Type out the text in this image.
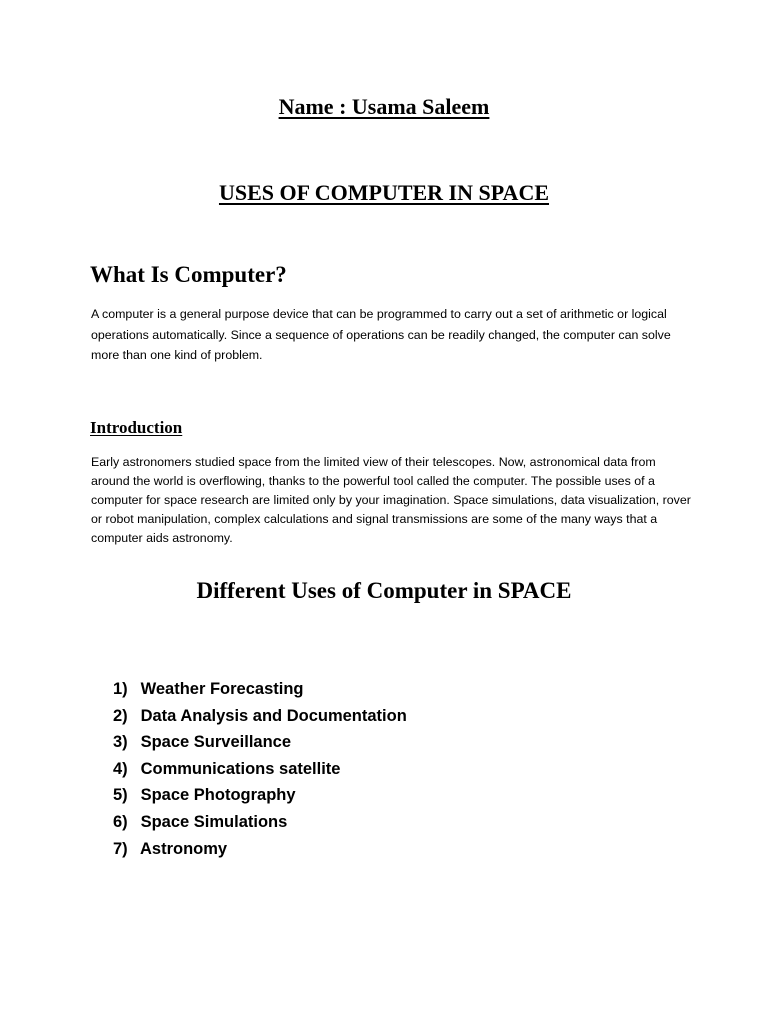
Name : Usama Saleem
USES OF COMPUTER IN SPACE
What Is Computer?

A computer is a general purpose device that can be programmed to carry out a set of arithmetic or logical operations automatically. Since a sequence of operations can be readily changed, the computer can solve more than one kind of problem.

Introduction

Early astronomers studied space from the limited view of their telescopes. Now, astronomical data from around the world is overflowing, thanks to the powerful tool called the computer. The possible uses of a computer for space research are limited only by your imagination. Space simulations, data visualization, rover or robot manipulation, complex calculations and signal transmissions are some of the many ways that a computer aids astronomy.

Different Uses of Computer in SPACE
1) Weather Forecasting
2) Data Analysis and Documentation
3) Space Surveillance
4) Communications satellite
5) Space Photography
6) Space Simulations
7) Astronomy
